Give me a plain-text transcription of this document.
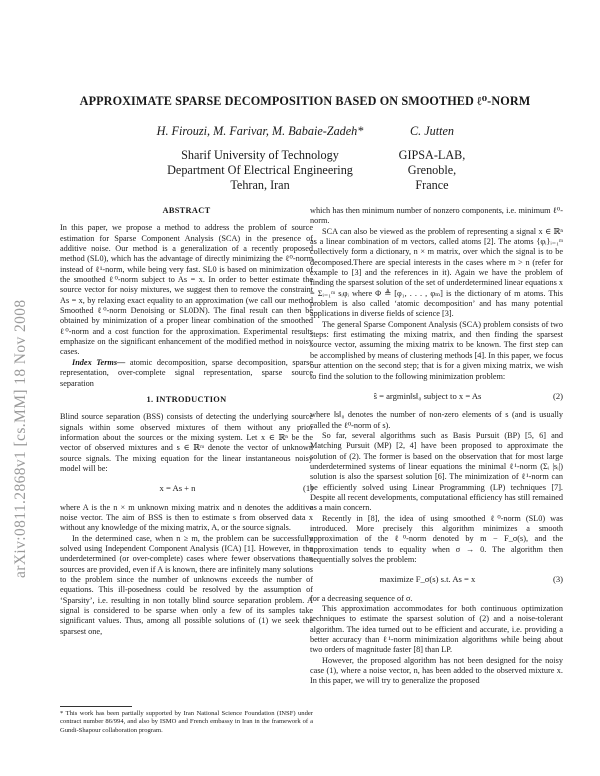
arXiv:0811.2868v1 [cs.MM] 18 Nov 2008
APPROXIMATE SPARSE DECOMPOSITION BASED ON SMOOTHED ℓ⁰-NORM
H. Firouzi, M. Farivar, M. Babaie-Zadeh*
Sharif University of Technology
Department Of Electrical Engineering
Tehran, Iran
C. Jutten
GIPSA-LAB,
Grenoble,
France
ABSTRACT

In this paper, we propose a method to address the problem of source estimation for Sparse Component Analysis (SCA) in the presence of additive noise. Our method is a generalization of a recently proposed method (SL0), which has the advantage of directly minimizing the ℓ⁰-norm instead of ℓ¹-norm, while being very fast. SL0 is based on minimization of the smoothed ℓ⁰-norm subject to As = x. In order to better estimate the source vector for noisy mixtures, we suggest then to remove the constraint As = x, by relaxing exact equality to an approximation (we call our method Smoothed ℓ⁰-norm Denoising or SL0DN). The final result can then be obtained by minimization of a proper linear combination of the smoothed ℓ⁰-norm and a cost function for the approximation. Experimental results emphasize on the significant enhancement of the modified method in noisy cases.

Index Terms— atomic decomposition, sparse decomposition, sparse representation, over-complete signal representation, sparse source separation

1. INTRODUCTION

Blind source separation (BSS) consists of detecting the underlying source signals within some observed mixtures of them without any prior information about the sources or the mixing system. Let x ∈ ℝⁿ be the vector of observed mixtures and s ∈ ℝᵐ denote the vector of unknown source signals. The mixing equation for the linear instantaneous noisy model will be:

x = As + n	(1)

where A is the n × m unknown mixing matrix and n denotes the additive noise vector. The aim of BSS is then to estimate s from observed data x without any knowledge of the mixing matrix, A, or the source signals.

In the determined case, when n ≥ m, the problem can be successfully solved using Independent Component Analysis (ICA) [1]. However, in the underdetermined (or over-complete) cases where fewer observations than sources are provided, even if A is known, there are infinitely many solutions to the problem since the number of unknowns exceeds the number of equations. This ill-posedness could be resolved by the assumption of ‘Sparsity’, i.e. resulting in non totally blind source separation problem. A signal is considered to be sparse when only a few of its samples take significant values. Thus, among all possible solutions of (1) we seek the sparsest one,

* This work has been partially supported by Iran National Science Foundation (INSF) under contract number 86/994, and also by ISMO and French embassy in Iran in the framework of a Gundi-Shapour collaboration program.

which has then minimum number of nonzero components, i.e. minimum ℓ⁰-norm.

SCA can also be viewed as the problem of representing a signal x ∈ ℝⁿ as a linear combination of m vectors, called atoms [2]. The atoms {φᵢ}ᵢ₌₁ᵐ collectively form a dictionary, n × m matrix, over which the signal is to be decomposed.There are special interests in the cases where m > n (refer for example to [3] and the references in it). Again we have the problem of finding the sparsest solution of the set of underdetermined linear equations x = Σᵢ₌₁ᵐ sᵢφᵢ where Φ ≜ [φ₁, . . . , φₘ] is the dictionary of m atoms. This problem is also called ‘atomic decomposition’ and has many potential applications in diverse fields of science [3].

The general Sparse Component Analysis (SCA) problem consists of two steps: first estimating the mixing matrix, and then finding the sparsest source vector, assuming the mixing matrix to be known. The first step can be accomplished by means of clustering methods [4]. In this paper, we focus our attention on the second step; that is for a given mixing matrix, we wish to find the solution to the following minimization problem:

ŝ = argmin‖s‖₀ subject to x = As	(2)

where ‖s‖₀ denotes the number of non-zero elements of s (and is usually called the ℓ⁰-norm of s).

So far, several algorithms such as Basis Pursuit (BP) [5, 6] and Matching Pursuit (MP) [2, 4] have been proposed to approximate the solution of (2). The former is based on the observation that for most large underdetermined systems of linear equations the minimal ℓ¹-norm (Σᵢ |sᵢ|) solution is also the sparsest solution [6]. The minimization of ℓ¹-norm can be efficiently solved using Linear Programming (LP) techniques [7]. Despite all recent developments, computational efficiency has still remained as a main concern.

Recently in [8], the idea of using smoothed ℓ⁰-norm (SL0) was introduced. More precisely this algorithm minimizes a smooth approximation of the ℓ⁰-norm denoted by m − F_σ(s), and the approximation tends to equality when σ → 0. The algorithm then sequentially solves the problem:

maximize F_σ(s) s.t. As = x	(3)

for a decreasing sequence of σ.

This approximation accommodates for both continuous optimization techniques to estimate the sparsest solution of (2) and a noise-tolerant algorithm. The idea turned out to be efficient and accurate, i.e. providing a better accuracy than ℓ¹-norm minimization algorithms while being about two orders of magnitude faster [8] than LP.

However, the proposed algorithm has not been designed for the noisy case (1), where a noise vector, n, has been added to the observed mixture x. In this paper, we will try to generalize the proposed
